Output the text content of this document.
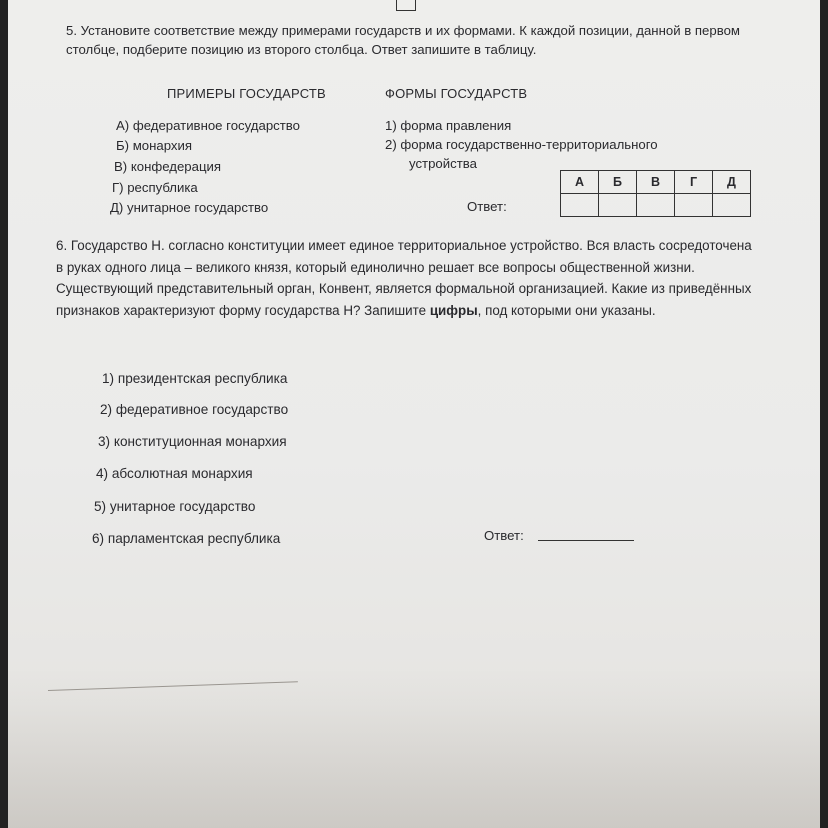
5. Установите соответствие между примерами государств и их формами. К каждой позиции, данной в первом столбце, подберите позицию из второго столбца. Ответ запишите в таблицу.
ПРИМЕРЫ ГОСУДАРСТВ	ФОРМЫ ГОСУДАРСТВ
А) федеративное государство
Б) монархия
В) конфедерация
Г) республика
Д) унитарное государство
1) форма правления
2) форма государственно-территориального
устройства
Ответ:
А	Б	В	Г	Д

6. Государство Н. согласно конституции имеет единое территориальное устройство. Вся власть сосредоточена в руках одного лица – великого князя, который единолично решает все вопросы общественной жизни. Существующий представительный орган, Конвент, является формальной организацией. Какие из приведённых признаков характеризуют форму государства Н? Запишите цифры, под которыми они указаны.
1) президентская республика
2) федеративное государство
3) конституционная монархия
4) абсолютная монархия
5) унитарное государство
6) парламентская республика	Ответ:
